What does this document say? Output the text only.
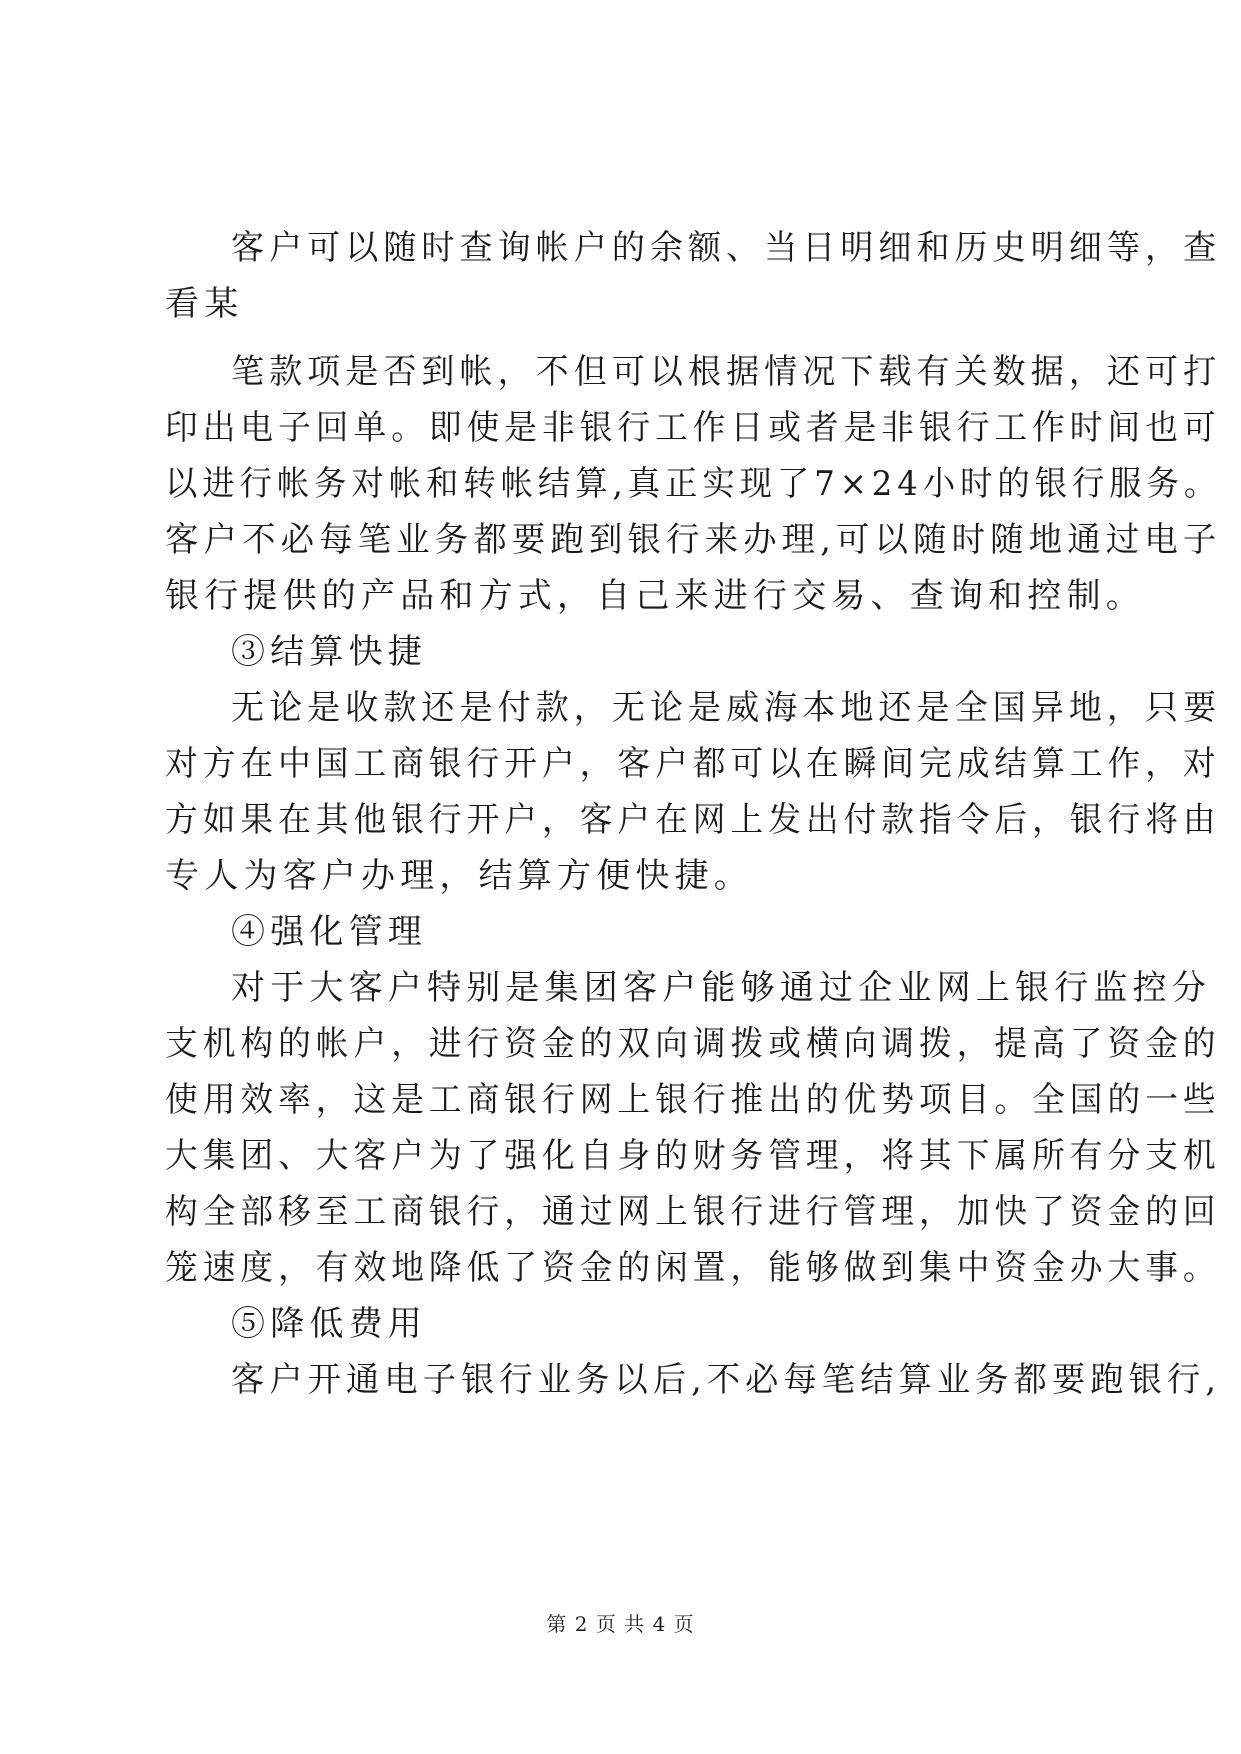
客户可以随时查询帐户的余额、当日明细和历史明细等，查
看某
笔款项是否到帐，不但可以根据情况下载有关数据，还可打
印出电子回单。即使是非银行工作日或者是非银行工作时间也可
以进行帐务对帐和转帐结算,真正实现了7×24小时的银行服务。
客户不必每笔业务都要跑到银行来办理,可以随时随地通过电子
银行提供的产品和方式，自己来进行交易、查询和控制。
③结算快捷
无论是收款还是付款，无论是威海本地还是全国异地，只要
对方在中国工商银行开户，客户都可以在瞬间完成结算工作，对
方如果在其他银行开户，客户在网上发出付款指令后，银行将由
专人为客户办理，结算方便快捷。
④强化管理
对于大客户特别是集团客户能够通过企业网上银行监控分
支机构的帐户，进行资金的双向调拨或横向调拨，提高了资金的
使用效率，这是工商银行网上银行推出的优势项目。全国的一些
大集团、大客户为了强化自身的财务管理，将其下属所有分支机
构全部移至工商银行，通过网上银行进行管理，加快了资金的回
笼速度，有效地降低了资金的闲置，能够做到集中资金办大事。
⑤降低费用
客户开通电子银行业务以后,不必每笔结算业务都要跑银行,
第 2 页 共 4 页
